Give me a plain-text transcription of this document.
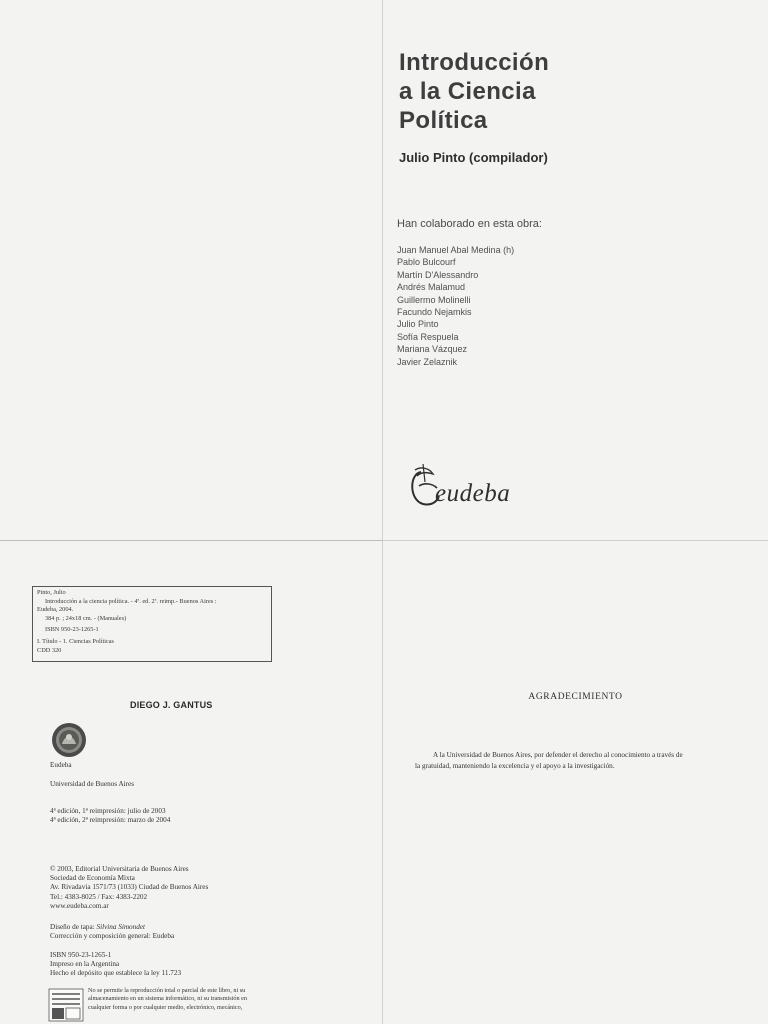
Introducción
a la Ciencia
Política
Julio Pinto (compilador)
Han colaborado en esta obra:
Juan Manuel Abal Medina (h)
Pablo Bulcourf
Martín D'Alessandro
Andrés Malamud
Guillermo Molinelli
Facundo Nejamkis
Julio Pinto
Sofía Respuela
Mariana Vázquez
Javier Zelaznik
eudeba
Pinto, Julio
Introducción a la ciencia política. - 4ª. ed. 2ª. reimp.- Buenos Aires :
Eudeba, 2004.
384 p. ; 24x18 cm. - (Manuales)
ISBN 950-23-1265-1
I. Título - 1. Ciencias Políticas
CDD 320
DIEGO J. GANTUS
Eudeba
Universidad de Buenos Aires
4ª edición, 1ª reimpresión: julio de 2003
4ª edición, 2ª reimpresión: marzo de 2004
© 2003, Editorial Universitaria de Buenos Aires
Sociedad de Economía Mixta
Av. Rivadavia 1571/73 (1033) Ciudad de Buenos Aires
Tel.: 4383-8025 / Fax: 4383-2202
www.eudeba.com.ar
Diseño de tapa: Silvina Simondet
Corrección y composición general: Eudeba
ISBN 950-23-1265-1
Impreso en la Argentina
Hecho el depósito que establece la ley 11.723
No se permite la reproducción total o parcial de este libro, ni su
almacenamiento en un sistema informático, ni su transmisión en
cualquier forma o por cualquier medio, electrónico, mecánico,
AGRADECIMIENTO
A la Universidad de Buenos Aires, por defender el derecho al conocimiento a través de
la gratuidad, manteniendo la excelencia y el apoyo a la investigación.
